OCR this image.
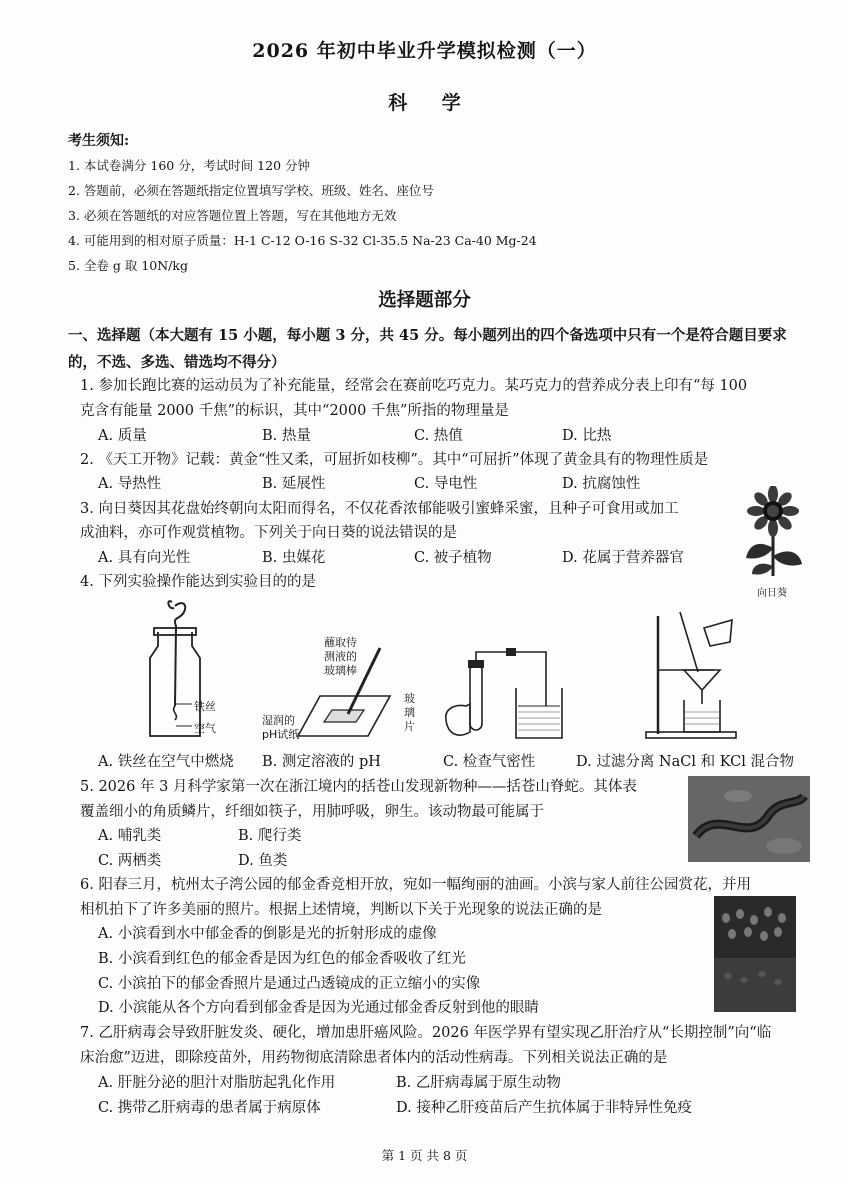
2026 年初中毕业升学模拟检测（一）
科 学
考生须知:
1. 本试卷满分 160 分，考试时间 120 分钟
2. 答题前，必须在答题纸指定位置填写学校、班级、姓名、座位号
3. 必须在答题纸的对应答题位置上答题，写在其他地方无效
4. 可能用到的相对原子质量：H-1 C-12 O-16 S-32 Cl-35.5 Na-23 Ca-40 Mg-24
5. 全卷 g 取 10N/kg
选择题部分
一、选择题（本大题有 15 小题，每小题 3 分，共 45 分。每小题列出的四个备选项中只有一个是符合题目要求的，不选、多选、错选均不得分）
1. 参加长跑比赛的运动员为了补充能量，经常会在赛前吃巧克力。某巧克力的营养成分表上印有“每 100
克含有能量 2000 千焦”的标识，其中“2000 千焦”所指的物理量是
A. 质量	B. 热量	C. 热值	D. 比热
2. 《天工开物》记载：黄金“性又柔，可屈折如枝柳”。其中“可屈折”体现了黄金具有的物理性质是
A. 导热性	B. 延展性	C. 导电性	D. 抗腐蚀性
3. 向日葵因其花盘始终朝向太阳而得名，不仅花香浓郁能吸引蜜蜂采蜜，且种子可食用或加工
成油料，亦可作观赏植物。下列关于向日葵的说法错误的是
A. 具有向光性	B. 虫媒花	C. 被子植物	D. 花属于营养器官
向日葵
4. 下列实验操作能达到实验目的的是
铁丝
空气
蘸取待
测液的
玻璃棒
湿润的
pH试纸
玻
璃
片
A. 铁丝在空气中燃烧 B. 测定溶液的 pH	C. 检查气密性	D. 过滤分离 NaCl 和 KCl 混合物
5. 2026 年 3 月科学家第一次在浙江境内的括苍山发现新物种——括苍山脊蛇。其体表
覆盖细小的角质鳞片，纤细如筷子，用肺呼吸，卵生。该动物最可能属于
A. 哺乳类	B. 爬行类
C. 两栖类	D. 鱼类
6. 阳春三月，杭州太子湾公园的郁金香竞相开放，宛如一幅绚丽的油画。小滨与家人前往公园赏花，并用
相机拍下了许多美丽的照片。根据上述情境，判断以下关于光现象的说法正确的是
A. 小滨看到水中郁金香的倒影是光的折射形成的虚像
B. 小滨看到红色的郁金香是因为红色的郁金香吸收了红光
C. 小滨拍下的郁金香照片是通过凸透镜成的正立缩小的实像
D. 小滨能从各个方向看到郁金香是因为光通过郁金香反射到他的眼睛
7. 乙肝病毒会导致肝脏发炎、硬化，增加患肝癌风险。2026 年医学界有望实现乙肝治疗从“长期控制”向“临
床治愈”迈进，即除疫苗外，用药物彻底清除患者体内的活动性病毒。下列相关说法正确的是
A. 肝脏分泌的胆汁对脂肪起乳化作用	B. 乙肝病毒属于原生动物
C. 携带乙肝病毒的患者属于病原体	D. 接种乙肝疫苗后产生抗体属于非特异性免疫
第 1 页 共 8 页
